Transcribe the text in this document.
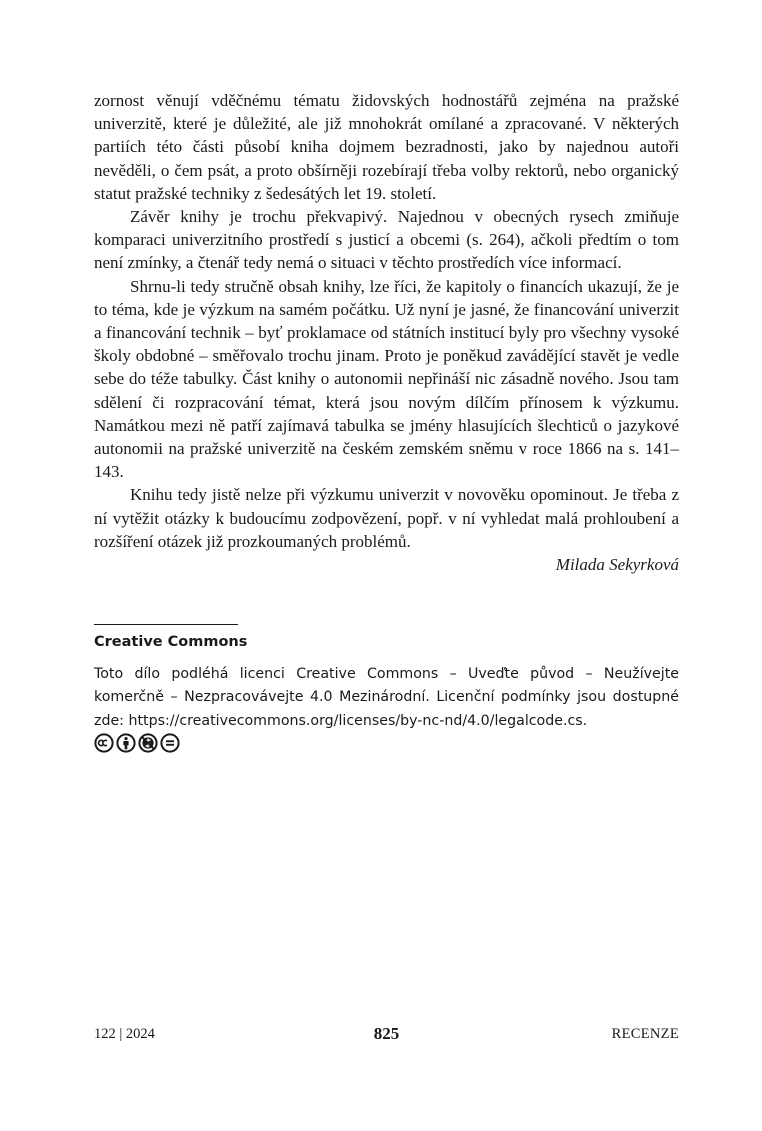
zornost věnují vděčnému tématu židovských hodnostářů zejména na pražské univerzitě, které je důležité, ale již mnohokrát omílané a zpracované. V některých partiích této části působí kniha dojmem bezradnosti, jako by najednou autoři nevěděli, o čem psát, a proto obšírněji rozebírají třeba volby rektorů, nebo organický statut pražské techniky z šedesátých let 19. století.

Závěr knihy je trochu překvapivý. Najednou v obecných rysech zmiňuje komparaci univerzitního prostředí s justicí a obcemi (s. 264), ačkoli předtím o tom není zmínky, a čtenář tedy nemá o situaci v těchto prostředích více informací.

Shrnu-li tedy stručně obsah knihy, lze říci, že kapitoly o financích ukazují, že je to téma, kde je výzkum na samém počátku. Už nyní je jasné, že financování univerzit a financování technik – byť proklamace od státních institucí byly pro všechny vysoké školy obdobné – směřovalo trochu jinam. Proto je poněkud zavádějící stavět je vedle sebe do téže tabulky. Část knihy o autonomii nepřináší nic zásadně nového. Jsou tam sdělení či rozpracování témat, která jsou novým dílčím přínosem k výzkumu. Namátkou mezi ně patří zajímavá tabulka se jmény hlasujících šlechticů o jazykové autonomii na pražské univerzitě na českém zemském sněmu v roce 1866 na s. 141–143.

Knihu tedy jistě nelze při výzkumu univerzit v novověku opominout. Je třeba z ní vytěžit otázky k budoucímu zodpovězení, popř. v ní vyhledat malá prohloubení a rozšíření otázek již prozkoumaných problémů.

Milada Sekyrková

Creative Commons
Toto dílo podléhá licenci Creative Commons – Uveďte původ – Neužívejte komerčně – Nezpracovávejte 4.0 Mezinárodní. Licenční podmínky jsou dostupné zde: https://creativecommons.org/licenses/by-nc-nd/4.0/legalcode.cs.
122 | 2024	825	RECENZE
